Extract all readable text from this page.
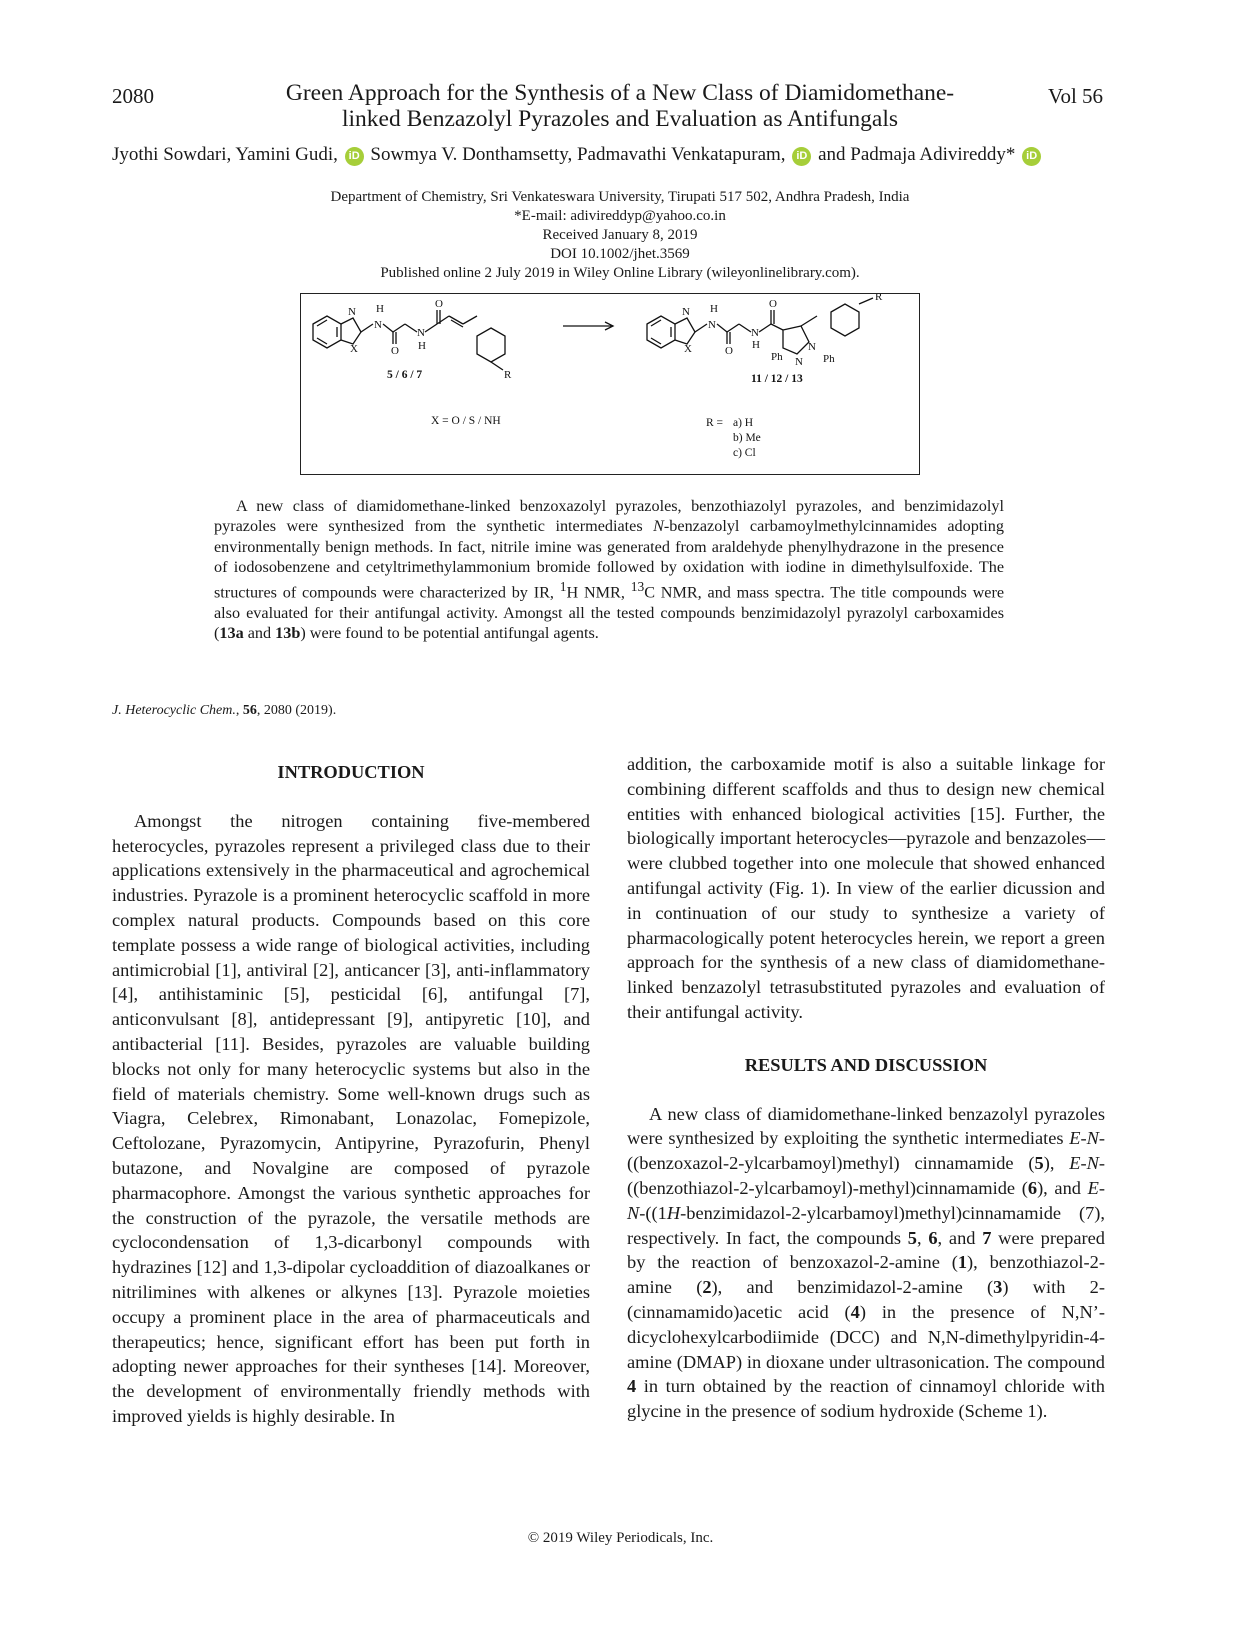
2080	Vol 56
Green Approach for the Synthesis of a New Class of Diamidomethane-
linked Benzazolyl Pyrazoles and Evaluation as Antifungals
Jyothi Sowdari, Yamini Gudi, iD Sowmya V. Donthamsetty, Padmavathi Venkatapuram, iD and Padmaja Adivireddy* iD
Department of Chemistry, Sri Venkateswara University, Tirupati 517 502, Andhra Pradesh, India
*E-mail: adivireddyp@yahoo.co.in
Received January 8, 2019
DOI 10.1002/jhet.3569
Published online 2 July 2019 in Wiley Online Library (wileyonlinelibrary.com).
N
X
N
H
O
N
H
O
R
N
X
N
H
O
N
H
O
Ph N
N
Ph
R
5 / 6 / 7	11 / 12 / 13
X = O / S / NH	R = a) H
b) Me
c) Cl

A new class of diamidomethane-linked benzoxazolyl pyrazoles, benzothiazolyl pyrazoles, and benzimidazolyl pyrazoles were synthesized from the synthetic intermediates N-benzazolyl carbamoylmethylcinnamides adopting environmentally benign methods. In fact, nitrile imine was generated from araldehyde phenylhydrazone in the presence of iodosobenzene and cetyltrimethylammonium bromide followed by oxidation with iodine in dimethylsulfoxide. The structures of compounds were characterized by IR, $^1$H NMR, $^{13}$C NMR, and mass spectra. The title compounds were also evaluated for their antifungal activity. Amongst all the tested compounds benzimidazolyl pyrazolyl carboxamides (13a and 13b) were found to be potential antifungal agents.

J. Heterocyclic Chem., 56, 2080 (2019).
INTRODUCTION

Amongst the nitrogen containing five-membered heterocycles, pyrazoles represent a privileged class due to their applications extensively in the pharmaceutical and agrochemical industries. Pyrazole is a prominent heterocyclic scaffold in more complex natural products. Compounds based on this core template possess a wide range of biological activities, including antimicrobial [1], antiviral [2], anticancer [3], anti-inflammatory [4], antihistaminic [5], pesticidal [6], antifungal [7], anticonvulsant [8], antidepressant [9], antipyretic [10], and antibacterial [11]. Besides, pyrazoles are valuable building blocks not only for many heterocyclic systems but also in the field of materials chemistry. Some well-known drugs such as Viagra, Celebrex, Rimonabant, Lonazolac, Fomepizole, Ceftolozane, Pyrazomycin, Antipyrine, Pyrazofurin, Phenyl butazone, and Novalgine are composed of pyrazole pharmacophore. Amongst the various synthetic approaches for the construction of the pyrazole, the versatile methods are cyclocondensation of 1,3-dicarbonyl compounds with hydrazines [12] and 1,3-dipolar cycloaddition of diazoalkanes or nitrilimines with alkenes or alkynes [13]. Pyrazole moieties occupy a prominent place in the area of pharmaceuticals and therapeutics; hence, significant effort has been put forth in adopting newer approaches for their syntheses [14]. Moreover, the development of environmentally friendly methods with improved yields is highly desirable. In

addition, the carboxamide motif is also a suitable linkage for combining different scaffolds and thus to design new chemical entities with enhanced biological activities [15]. Further, the biologically important heterocycles—pyrazole and benzazoles—were clubbed together into one molecule that showed enhanced antifungal activity (Fig. 1). In view of the earlier dicussion and in continuation of our study to synthesize a variety of pharmacologically potent heterocycles herein, we report a green approach for the synthesis of a new class of diamidomethane-linked benzazolyl tetrasubstituted pyrazoles and evaluation of their antifungal activity.

RESULTS AND DISCUSSION

A new class of diamidomethane-linked benzazolyl pyrazoles were synthesized by exploiting the synthetic intermediates E-N-((benzoxazol-2-ylcarbamoyl)methyl) cinnamamide (5), E-N-((benzothiazol-2-ylcarbamoyl)-methyl)cinnamamide (6), and E-N-((1H-benzimidazol-2-ylcarbamoyl)methyl)cinnamamide (7), respectively. In fact, the compounds 5, 6, and 7 were prepared by the reaction of benzoxazol-2-amine (1), benzothiazol-2-amine (2), and benzimidazol-2-amine (3) with 2-(cinnamamido)acetic acid (4) in the presence of N,N’-dicyclohexylcarbodiimide (DCC) and N,N-dimethylpyridin-4-amine (DMAP) in dioxane under ultrasonication. The compound 4 in turn obtained by the reaction of cinnamoyl chloride with glycine in the presence of sodium hydroxide (Scheme 1).

© 2019 Wiley Periodicals, Inc.
